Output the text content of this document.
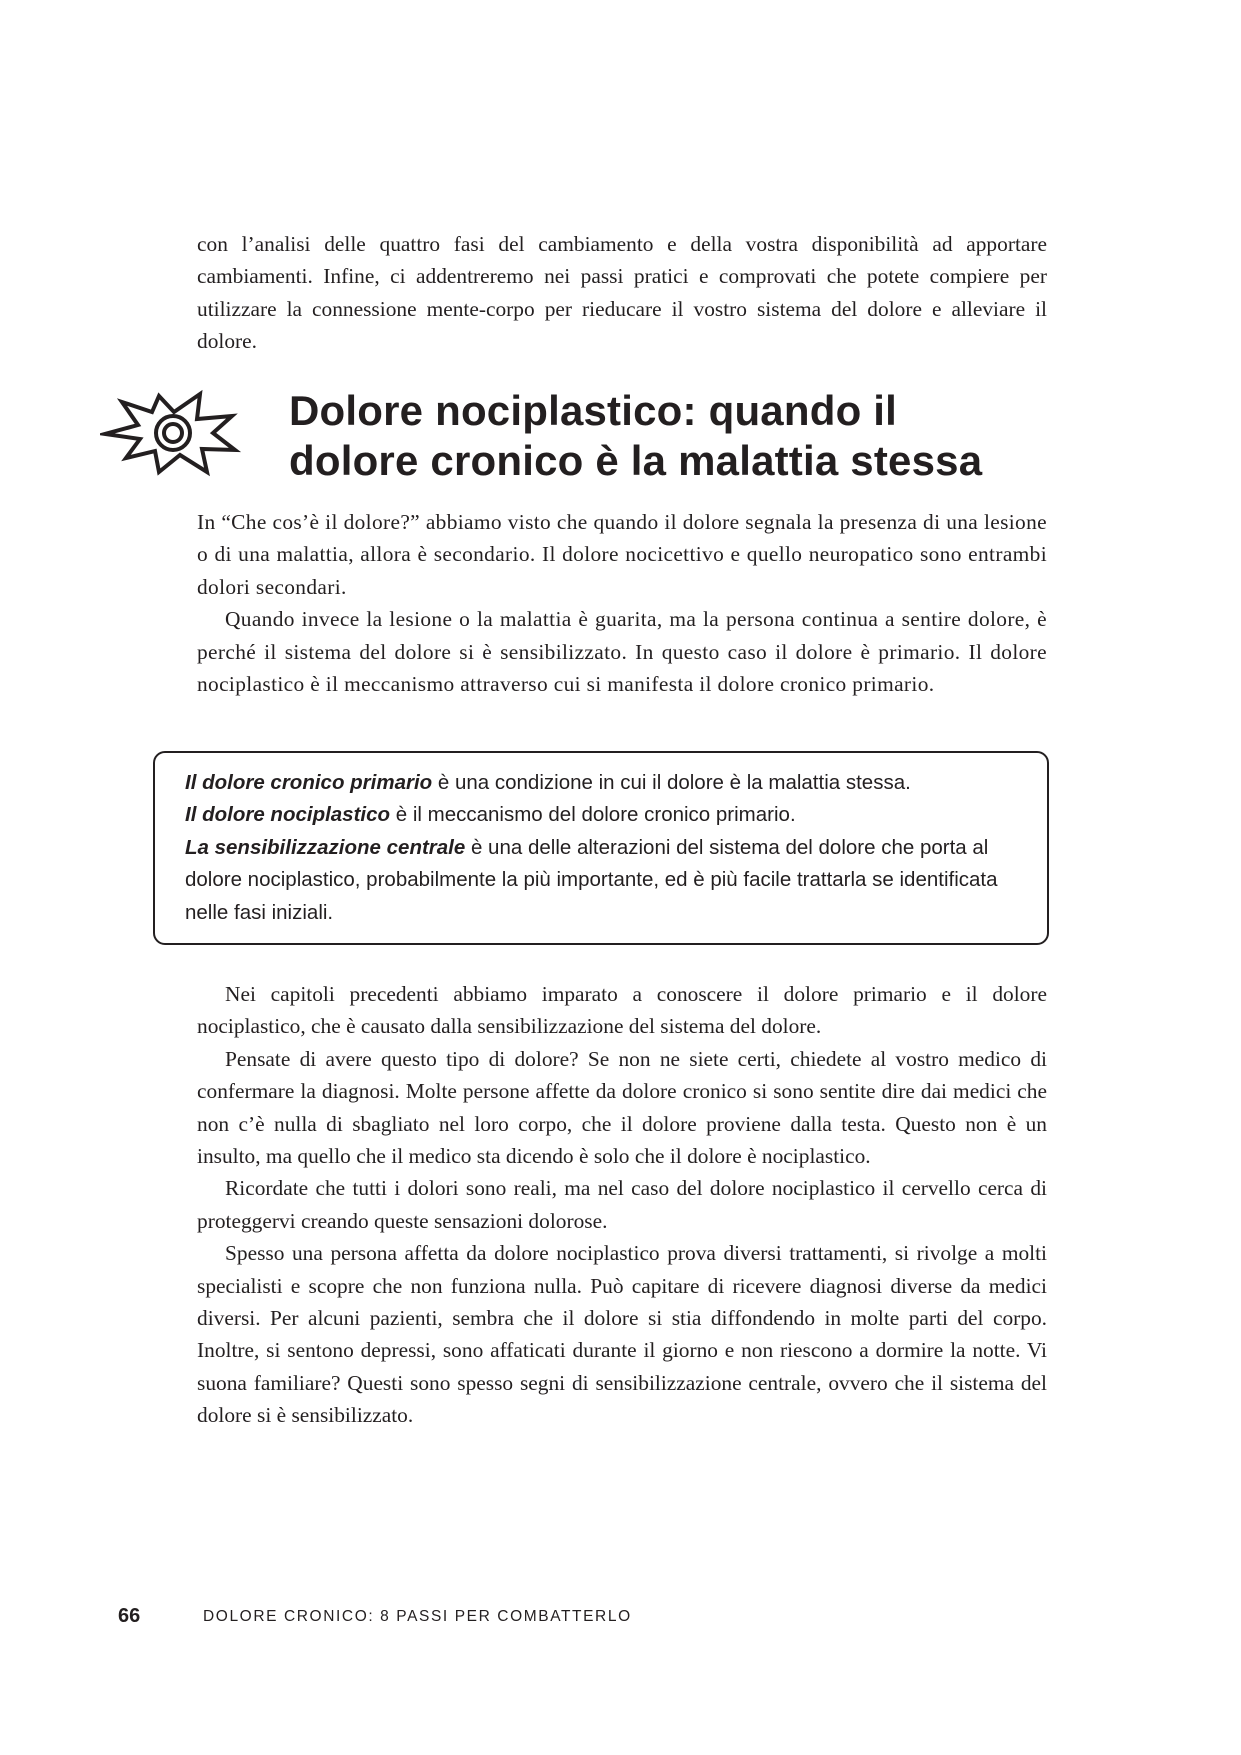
con l’analisi delle quattro fasi del cambiamento e della vostra disponibilità ad apportare cambiamenti. Infine, ci addentreremo nei passi pratici e comprovati che potete compiere per utilizzare la connessione mente-corpo per rieducare il vostro sistema del dolore e alleviare il dolore.

Dolore nociplastico: quando il
dolore cronico è la malattia stessa

In “Che cos’è il dolore?” abbiamo visto che quando il dolore segnala la presenza di una lesione o di una malattia, allora è secondario. Il dolore nocicettivo e quello neuropatico sono entrambi dolori secondari.

Quando invece la lesione o la malattia è guarita, ma la persona continua a sentire dolore, è perché il sistema del dolore si è sensibilizzato. In questo caso il dolore è primario. Il dolore nociplastico è il meccanismo attraverso cui si manifesta il dolore cronico primario.

Il dolore cronico primario è una condizione in cui il dolore è la malattia stessa.

Il dolore nociplastico è il meccanismo del dolore cronico primario.

La sensibilizzazione centrale è una delle alterazioni del sistema del dolore che porta al dolore nociplastico, probabilmente la più importante, ed è più facile trattarla se identificata nelle fasi iniziali.

Nei capitoli precedenti abbiamo imparato a conoscere il dolore primario e il dolore nociplastico, che è causato dalla sensibilizzazione del sistema del dolore.

Pensate di avere questo tipo di dolore? Se non ne siete certi, chiedete al vostro medico di confermare la diagnosi. Molte persone affette da dolore cronico si sono sentite dire dai medici che non c’è nulla di sbagliato nel loro corpo, che il dolore proviene dalla testa. Questo non è un insulto, ma quello che il medico sta dicendo è solo che il dolore è nociplastico.

Ricordate che tutti i dolori sono reali, ma nel caso del dolore nociplastico il cervello cerca di proteggervi creando queste sensazioni dolorose.

Spesso una persona affetta da dolore nociplastico prova diversi trattamenti, si rivolge a molti specialisti e scopre che non funziona nulla. Può capitare di ricevere diagnosi diverse da medici diversi. Per alcuni pazienti, sembra che il dolore si stia diffondendo in molte parti del corpo. Inoltre, si sentono depressi, sono affaticati durante il giorno e non riescono a dormire la notte. Vi suona familiare? Questi sono spesso segni di sensibilizzazione centrale, ovvero che il sistema del dolore si è sensibilizzato.

66	DOLORE CRONICO: 8 PASSI PER COMBATTERLO
